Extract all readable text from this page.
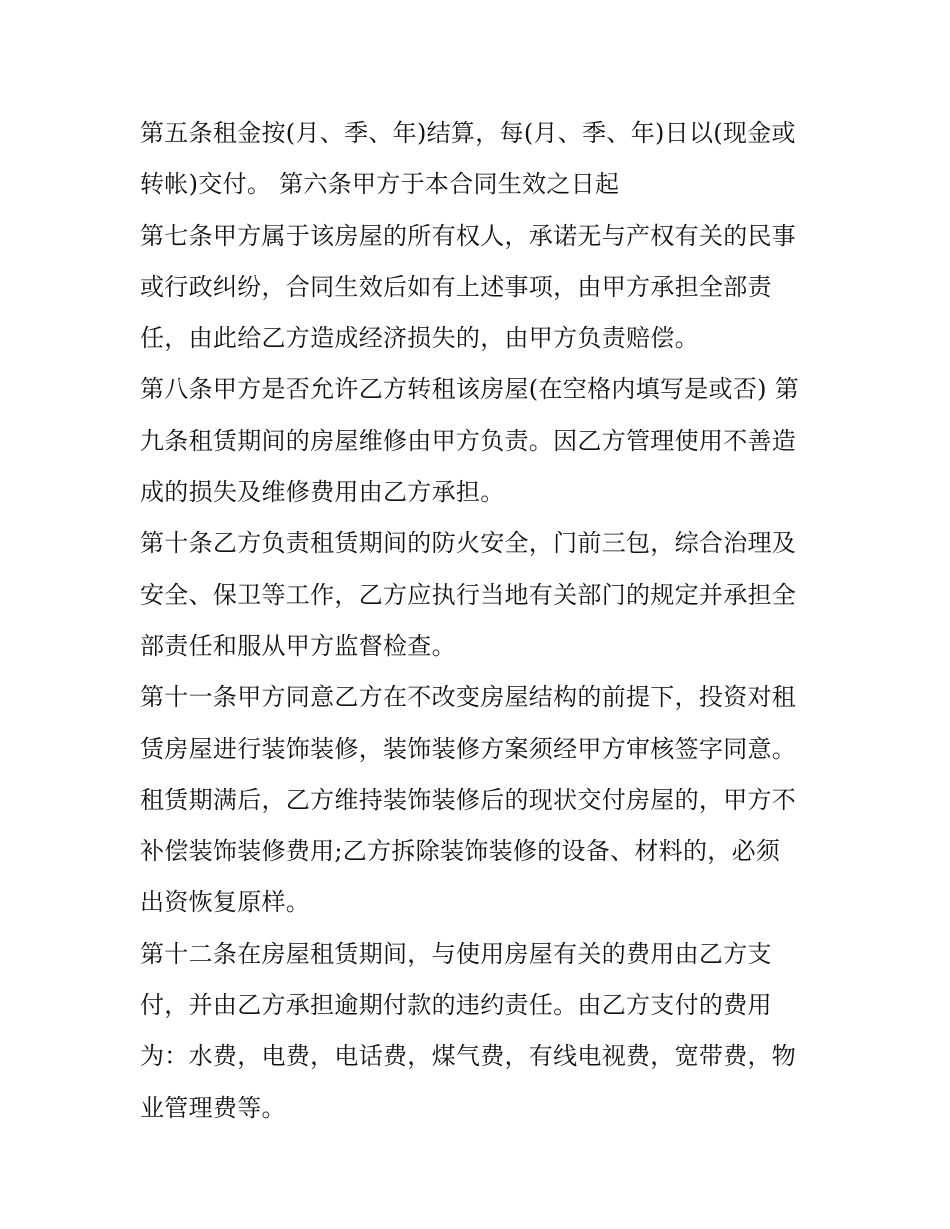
第五条租金按(月、季、年)结算，每(月、季、年)日以(现金或
转帐)交付。 第六条甲方于本合同生效之日起
第七条甲方属于该房屋的所有权人，承诺无与产权有关的民事
或行政纠纷，合同生效后如有上述事项，由甲方承担全部责
任，由此给乙方造成经济损失的，由甲方负责赔偿。
第八条甲方是否允许乙方转租该房屋(在空格内填写是或否) 第
九条租赁期间的房屋维修由甲方负责。因乙方管理使用不善造
成的损失及维修费用由乙方承担。
第十条乙方负责租赁期间的防火安全，门前三包，综合治理及
安全、保卫等工作，乙方应执行当地有关部门的规定并承担全
部责任和服从甲方监督检查。
第十一条甲方同意乙方在不改变房屋结构的前提下，投资对租
赁房屋进行装饰装修，装饰装修方案须经甲方审核签字同意。
租赁期满后，乙方维持装饰装修后的现状交付房屋的，甲方不
补偿装饰装修费用;乙方拆除装饰装修的设备、材料的，必须
出资恢复原样。
第十二条在房屋租赁期间，与使用房屋有关的费用由乙方支
付，并由乙方承担逾期付款的违约责任。由乙方支付的费用
为：水费，电费，电话费，煤气费，有线电视费，宽带费，物
业管理费等。
